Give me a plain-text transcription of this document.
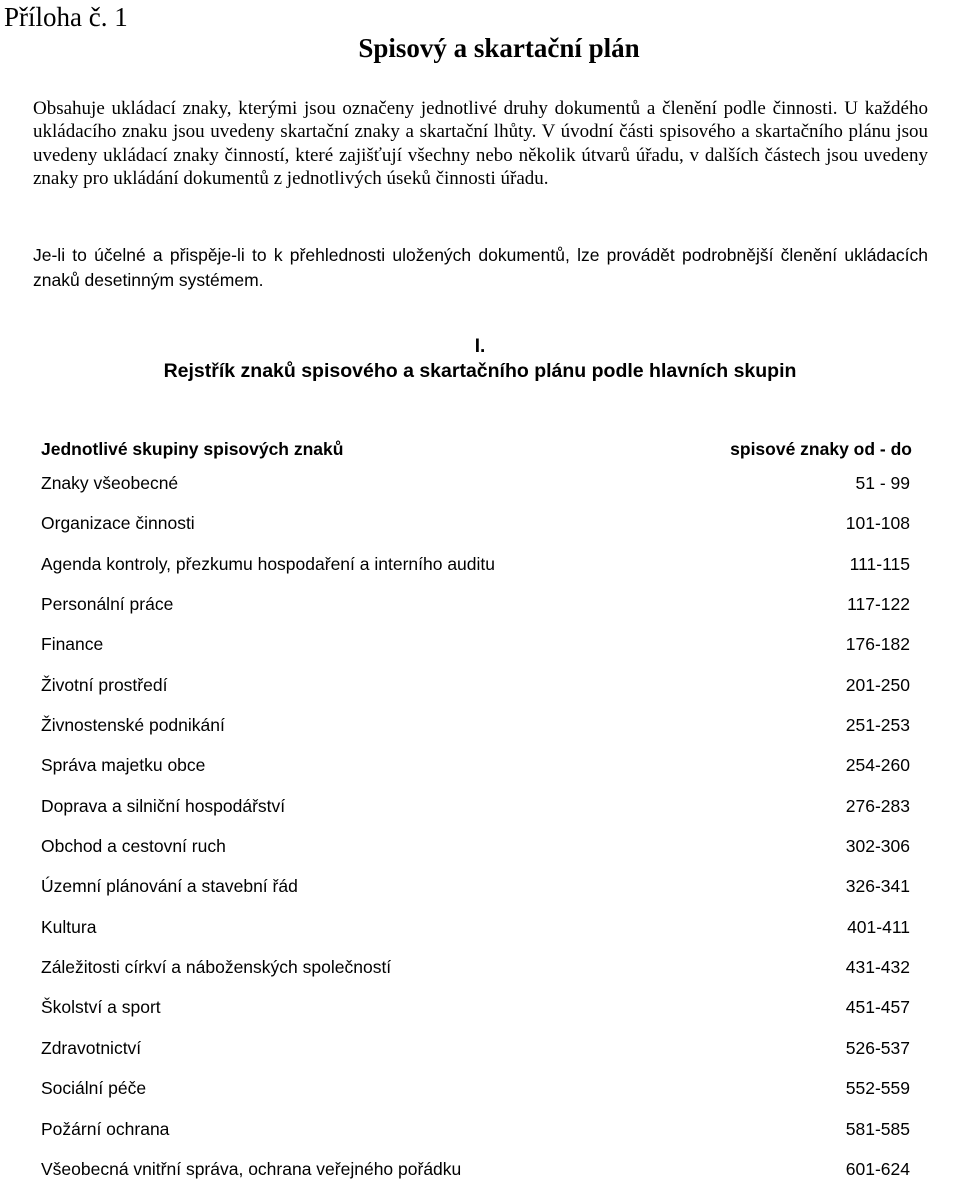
Příloha č. 1

Spisový a skartační plán

Obsahuje ukládací znaky, kterými jsou označeny jednotlivé druhy dokumentů a členění podle činnosti. U každého ukládacího znaku jsou uvedeny skartační znaky a skartační lhůty. V úvodní části spisového a skartačního plánu jsou uvedeny ukládací znaky činností, které zajišťují všechny nebo několik útvarů úřadu, v dalších částech jsou uvedeny znaky pro ukládání dokumentů z jednotlivých úseků činnosti úřadu.

Je-li to účelné a přispěje-li to k přehlednosti uložených dokumentů, lze provádět podrobnější členění ukládacích znaků desetinným systémem.

I.

Rejstřík znaků spisového a skartačního plánu podle hlavních skupin
Jednotlivé skupiny spisových znaků	spisové znaky od - do
Znaky všeobecné	51 - 99
Organizace činnosti	101-108
Agenda kontroly, přezkumu hospodaření a interního auditu	111-115
Personální práce	117-122
Finance	176-182
Životní prostředí	201-250
Živnostenské podnikání	251-253
Správa majetku obce	254-260
Doprava a silniční hospodářství	276-283
Obchod a cestovní ruch	302-306
Územní plánování a stavební řád	326-341
Kultura	401-411
Záležitosti církví a náboženských společností	431-432
Školství a sport	451-457
Zdravotnictví	526-537
Sociální péče	552-559
Požární ochrana	581-585
Všeobecná vnitřní správa, ochrana veřejného pořádku	601-624
